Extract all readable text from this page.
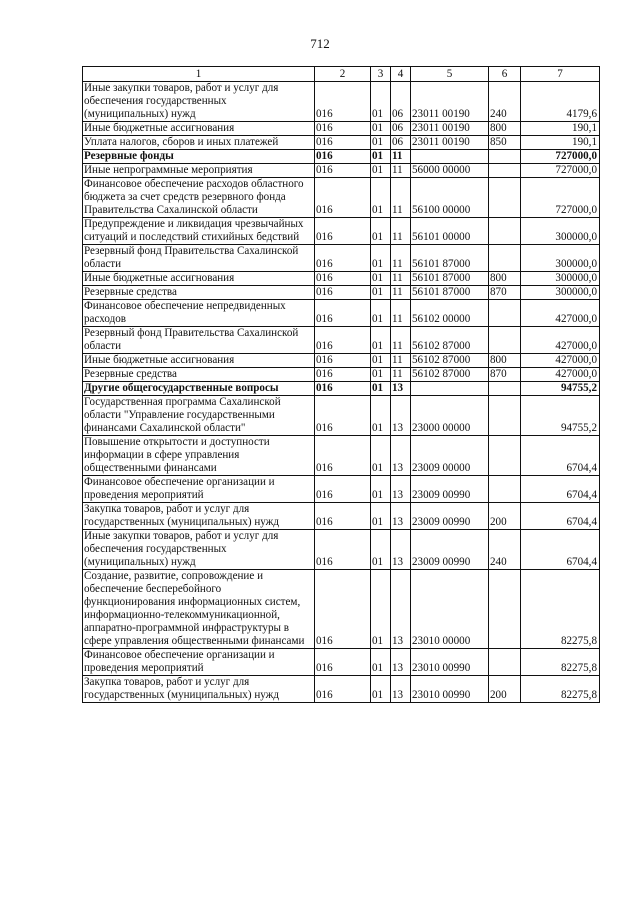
712
1	2	3	4	5	6	7
Иные закупки товаров, работ и услуг для обеспечения государственных (муниципальных) нужд	016	01	06	23011 00190	240	4179,6
Иные бюджетные ассигнования	016	01	06	23011 00190	800	190,1
Уплата налогов, сборов и иных платежей	016	01	06	23011 00190	850	190,1
Резервные фонды	016	01	11			727000,0
Иные непрограммные мероприятия	016	01	11	56000 00000		727000,0
Финансовое обеспечение расходов областного бюджета за счет средств резервного фонда Правительства Сахалинской области	016	01	11	56100 00000		727000,0
Предупреждение и ликвидация чрезвычайных ситуаций и последствий стихийных бедствий	016	01	11	56101 00000		300000,0
Резервный фонд Правительства Сахалинской области	016	01	11	56101 87000		300000,0
Иные бюджетные ассигнования	016	01	11	56101 87000	800	300000,0
Резервные средства	016	01	11	56101 87000	870	300000,0
Финансовое обеспечение непредвиденных расходов	016	01	11	56102 00000		427000,0
Резервный фонд Правительства Сахалинской области	016	01	11	56102 87000		427000,0
Иные бюджетные ассигнования	016	01	11	56102 87000	800	427000,0
Резервные средства	016	01	11	56102 87000	870	427000,0
Другие общегосударственные вопросы	016	01	13			94755,2
Государственная программа Сахалинской области "Управление государственными финансами Сахалинской области"	016	01	13	23000 00000		94755,2
Повышение открытости и доступности информации в сфере управления общественными финансами	016	01	13	23009 00000		6704,4
Финансовое обеспечение организации и проведения мероприятий	016	01	13	23009 00990		6704,4
Закупка товаров, работ и услуг для государственных (муниципальных) нужд	016	01	13	23009 00990	200	6704,4
Иные закупки товаров, работ и услуг для обеспечения государственных (муниципальных) нужд	016	01	13	23009 00990	240	6704,4
Создание, развитие, сопровождение и обеспечение бесперебойного функционирования информационных систем, информационно-телекоммуникационной, аппаратно-программной инфраструктуры в сфере управления общественными финансами	016	01	13	23010 00000		82275,8
Финансовое обеспечение организации и проведения мероприятий	016	01	13	23010 00990		82275,8
Закупка товаров, работ и услуг для государственных (муниципальных) нужд	016	01	13	23010 00990	200	82275,8
